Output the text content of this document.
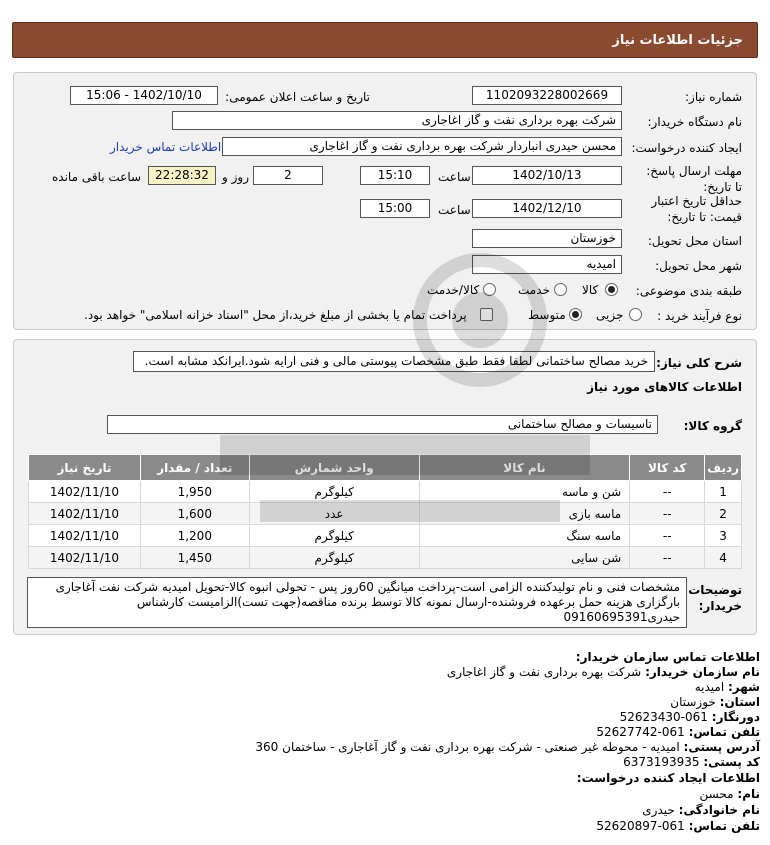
جزئیات اطلاعات نیاز
شماره نیاز:
1102093228002669
تاریخ و ساعت اعلان عمومی:
1402/10/10 - 15:06
نام دستگاه خریدار:
شرکت بهره برداری نفت و گاز اغاجاری
ایجاد کننده درخواست:
محسن حیدری انباردار شرکت بهره برداری نفت و گاز اغاجاری
اطلاعات تماس خریدار
مهلت ارسال پاسخ: تا تاریخ:
1402/10/13
ساعت
15:10
2
روز و
22:28:32
ساعت باقی مانده
حداقل تاریخ اعتبار قیمت: تا تاریخ:
1402/12/10
ساعت
15:00
استان محل تحویل:
خوزستان
شهر محل تحویل:
امیدیه
طبقه بندی موضوعی:
کالا
خدمت
کالا/خدمت
نوع فرآیند خرید :
جزیی
متوسط
پرداخت تمام یا بخشی از مبلغ خرید،از محل "اسناد خزانه اسلامی" خواهد بود.
شرح کلی نیاز:
خرید مصالح ساختمانی لطفا فقط طبق مشخصات پیوستی مالی و فنی ارایه شود.ایرانکد مشابه است.
اطلاعات کالاهای مورد نیاز
گروه کالا:
تاسیسات و مصالح ساختمانی
ردیف	کد کالا	نام کالا	واحد شمارش	تعداد / مقدار	تاریخ نیاز
1	--	شن و ماسه	کیلوگرم	1,950	1402/11/10
2	--	ماسه بازی	عدد	1,600	1402/11/10
3	--	ماسه سنگ	کیلوگرم	1,200	1402/11/10
4	--	شن سایی	کیلوگرم	1,450	1402/11/10
توضیحات خریدار:
مشخصات فنی و نام تولیدکننده الزامی است-پرداخت میانگین 60روز پس - تحولی انبوه کالا-تحویل امیدیه شرکت نفت آغاجاری بارگزاری هزینه حمل برعهده فروشنده-ارسال نمونه کالا توسط برنده مناقصه(جهت تست)الزامیست کارشناس حیدری09160695391
اطلاعات تماس سازمان خریدار:
نام سازمان خریدار: شرکت بهره برداری نفت و گاز اغاجاری
شهر: امیدیه
استان: خوزستان
دورنگار: 061-52623430
تلفن تماس: 061-52627742
آدرس پستی: امیدیه - محوطه غیر صنعتی - شرکت بهره برداری نفت و گاز آغاجاری - ساختمان 360
کد پستی: 6373193935
اطلاعات ایجاد کننده درخواست:
نام: محسن
نام خانوادگی: حیدری
تلفن تماس: 061-52620897
